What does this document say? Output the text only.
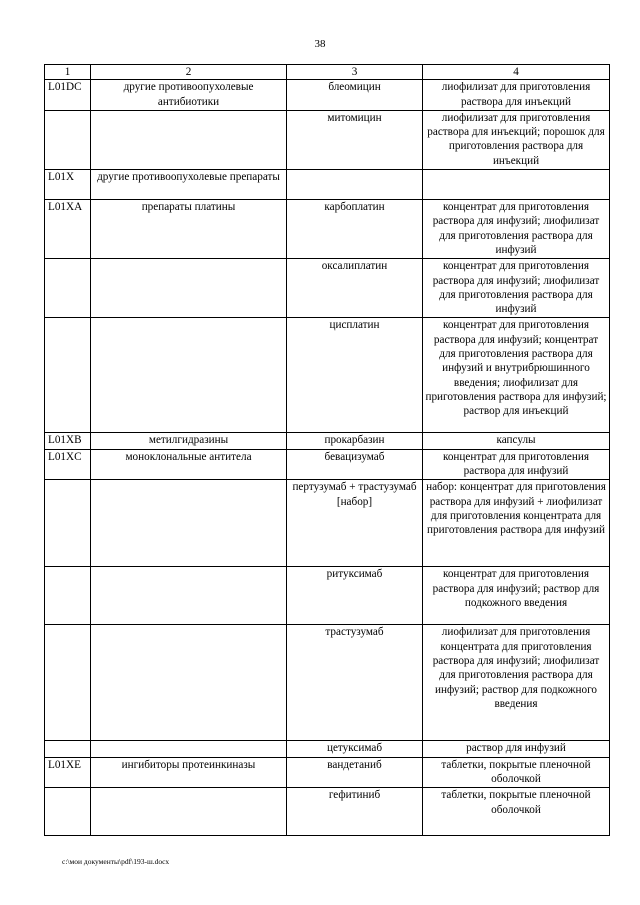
38
1	2	3	4
L01DC	другие противоопухолевые антибиотики	блеомицин	лиофилизат для приготовления раствора для инъекций
		митомицин	лиофилизат для приготовления раствора для инъекций; порошок для приготовления раствора для инъекций
L01X	другие противоопухолевые препараты		
L01XA	препараты платины	карбоплатин	концентрат для приготовления раствора для инфузий; лиофилизат для приготовления раствора для инфузий
		оксалиплатин	концентрат для приготовления раствора для инфузий; лиофилизат для приготовления раствора для инфузий
		цисплатин	концентрат для приготовления раствора для инфузий; концентрат для приготовления раствора для инфузий и внутрибрюшинного введения; лиофилизат для приготовления раствора для инфузий; раствор для инъекций
L01XB	метилгидразины	прокарбазин	капсулы
L01XC	моноклональные антитела	бевацизумаб	концентрат для приготовления раствора для инфузий
		пертузумаб + трастузумаб [набор]	набор: концентрат для приготовления раствора для инфузий + лиофилизат для приготовления концентрата для приготовления раствора для инфузий
		ритуксимаб	концентрат для приготовления раствора для инфузий; раствор для подкожного введения
		трастузумаб	лиофилизат для приготовления концентрата для приготовления раствора для инфузий; лиофилизат для приготовления раствора для инфузий; раствор для подкожного введения
		цетуксимаб	раствор для инфузий
L01XE	ингибиторы протеинкиназы	вандетаниб	таблетки, покрытые пленочной оболочкой
		гефитиниб	таблетки, покрытые пленочной оболочкой
c:\мои документы\pdf\193-ш.docx
